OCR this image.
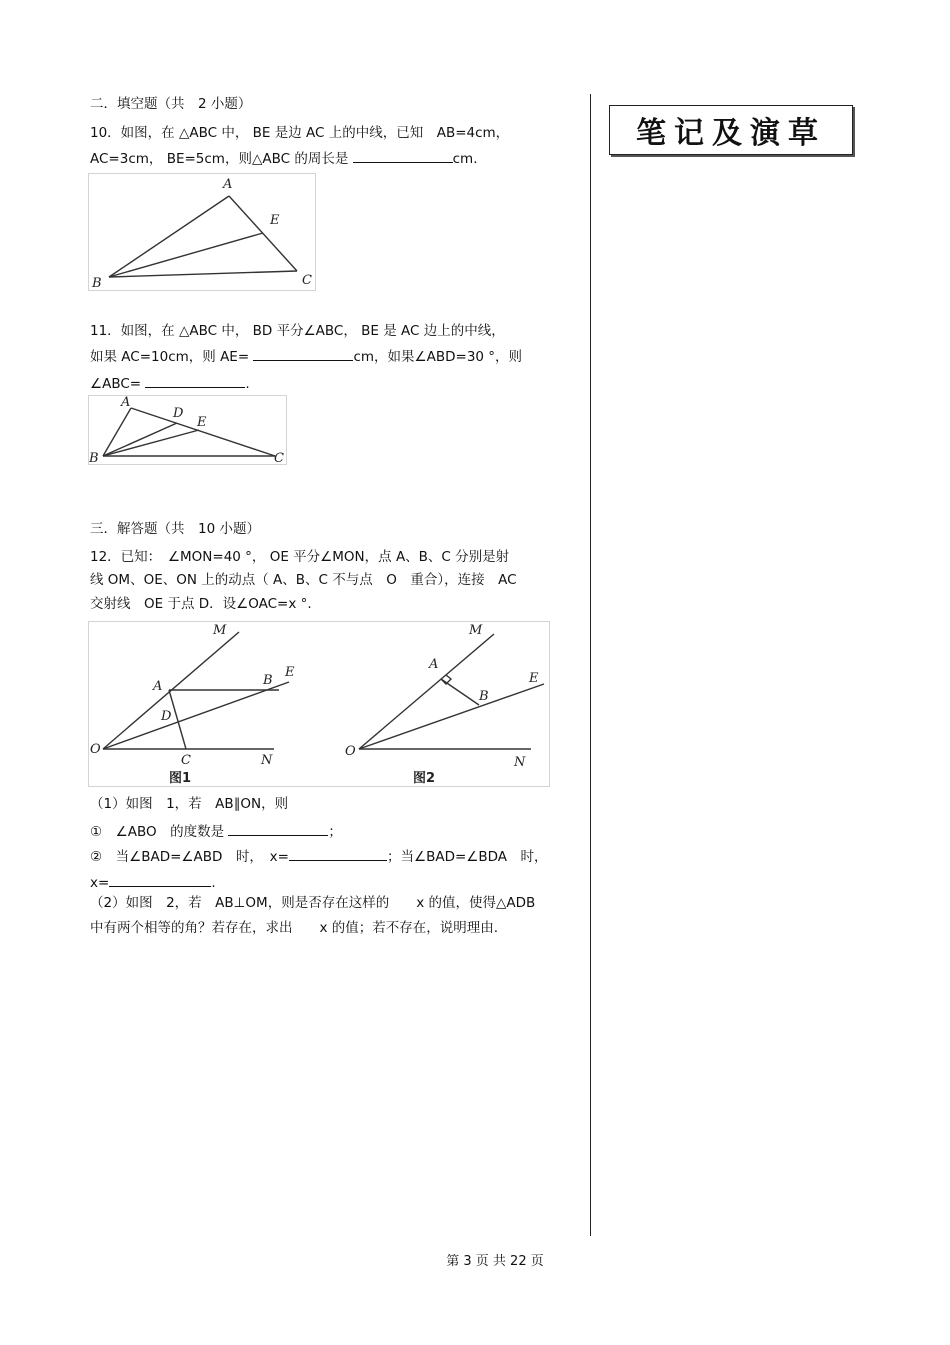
二．填空题（共　2 小题）
10．如图，在 △ABC 中， BE 是边 AC 上的中线，已知　AB=4cm，
AC=3cm， BE=5cm，则△ABC 的周长是	cm.
A
E
B	C
11．如图，在 △ABC 中， BD 平分∠ABC， BE 是 AC 边上的中线，
如果 AC=10cm，则 AE=	cm，如果∠ABD=30 °，则
∠ABC=	.
A
D
E
B	C
三．解答题（共　10 小题）
12．已知：　∠MON=40 °， OE 平分∠MON，点 A、B、C 分别是射
线 OM、OE、ON 上的动点（ A、B、C 不与点　O　重合），连接　AC
交射线　OE 于点 D．设∠OAC=x °.
M
A	B
E
D
O
C	N
图1
M
A
B
E
O
N
图2
（1）如图　1，若　AB∥ON，则
①　∠ABO　的度数是	；
②　当∠BAD=∠ABD　时，　x=	；当∠BAD=∠BDA　时，
x=	.
（2）如图　2，若　AB⊥OM，则是否存在这样的　　x 的值，使得△ADB
中有两个相等的角？若存在，求出　　x 的值；若不存在，说明理由.
笔记及演草
第 3 页 共 22 页
